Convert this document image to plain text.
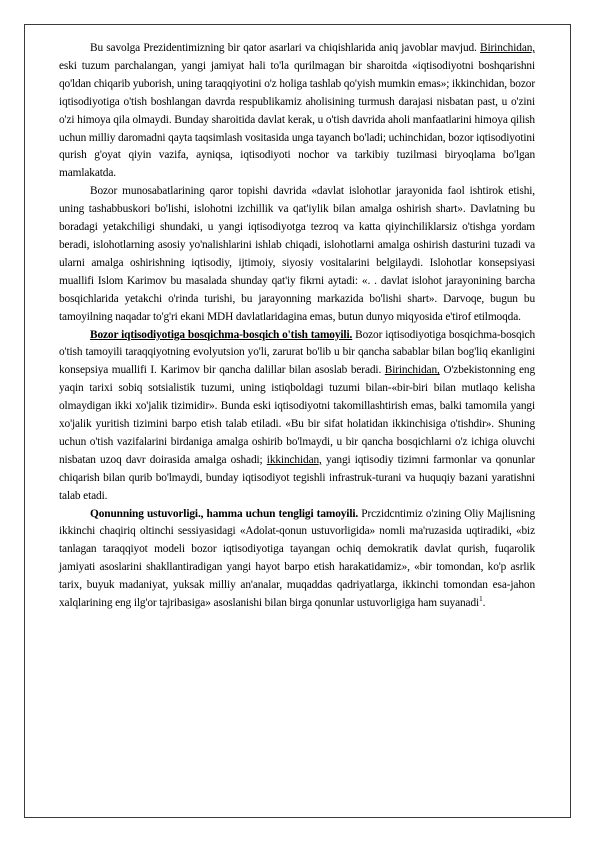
Bu savolga Prezidentimizning bir qator asarlari va chiqishlarida aniq javoblar mavjud. Birinchidan, eski tuzum parchalangan, yangi jamiyat hali to'la qurilmagan bir sharoitda «iqtisodiyotni boshqarishni qo'ldan chiqarib yuborish, uning taraqqiyotini o'z holiga tashlab qo'yish mumkin emas»; ikkinchidan, bozor iqtisodiyotiga o'tish boshlangan davrda respublikamiz aholisining turmush darajasi nisbatan past, u o'zini o'zi himoya qila olmaydi. Bunday sharoitida davlat kerak, u o'tish davrida aholi manfaatlarini himoya qilish uchun milliy daromadni qayta taqsimlash vositasida unga tayanch bo'ladi; uchinchidan, bozor iqtisodiyotini qurish g'oyat qiyin vazifa, ayniqsa, iqtisodiyoti nochor va tarkibiy tuzilmasi biryoqlama bo'lgan mamlakatda.

Bozor munosabatlarining qaror topishi davrida «davlat islohotlar jarayonida faol ishtirok etishi, uning tashabbuskori bo'lishi, islohotni izchillik va qat'iylik bilan amalga oshirish shart». Davlatning bu boradagi yetakchiligi shundaki, u yangi iqtisodiyotga tezroq va katta qiyinchiliklarsiz o'tishga yordam beradi, islohotlarning asosiy yo'nalishlarini ishlab chiqadi, islohotlarni amalga oshirish dasturini tuzadi va ularni amalga oshirishning iqtisodiy, ijtimoiy, siyosiy vositalarini belgilaydi. Islohotlar konsepsiyasi muallifi Islom Karimov bu masalada shunday qat'iy fikrni aytadi: «. . davlat islohot jarayonining barcha bosqichlarida yetakchi o'rinda turishi, bu jarayonning markazida bo'lishi shart». Darvoqe, bugun bu tamoyilning naqadar to'g'ri ekani MDH davlatlaridagina emas, butun dunyo miqyosida e'tirof etilmoqda.

Bozor iqtisodiyotiga bosqichma-bosqich o'tish tamoyili. Bozor iqtisodiyotiga bosqichma-bosqich o'tish tamoyili taraqqiyotning evolyutsion yo'li, zarurat bo'lib u bir qancha sabablar bilan bog'liq ekanligini konsepsiya muallifi I. Karimov bir qancha dalillar bilan asoslab beradi. Birinchidan, O'zbekistonning eng yaqin tarixi sobiq sotsialistik tuzumi, uning istiqboldagi tuzumi bilan-«bir-biri bilan mutlaqo kelisha olmaydigan ikki xo'jalik tizimidir». Bunda eski iqtisodiyotni takomillashtirish emas, balki tamomila yangi xo'jalik yuritish tizimini barpo etish talab etiladi. «Bu bir sifat holatidan ikkinchisiga o'tishdir». Shuning uchun o'tish vazifalarini birdaniga amalga oshirib bo'lmaydi, u bir qancha bosqichlarni o'z ichiga oluvchi nisbatan uzoq davr doirasida amalga oshadi; ikkinchidan, yangi iqtisodiy tizimni farmonlar va qonunlar chiqarish bilan qurib bo'lmaydi, bunday iqtisodiyot tegishli infrastruk-turani va huquqiy bazani yaratishni talab etadi.

Qonunning ustuvorligi., hamma uchun tengligi tamoyili. Prczidcntimiz o'zining Oliy Majlisning ikkinchi chaqiriq oltinchi sessiyasidagi «Adolat-qonun ustuvorligida» nomli ma'ruzasida uqtiradiki, «biz tanlagan taraqqiyot modeli bozor iqtisodiyotiga tayangan ochiq demokratik davlat qurish, fuqarolik jamiyati asoslarini shakllantiradigan yangi hayot barpo etish harakatidamiz», «bir tomondan, ko'p asrlik tarix, buyuk madaniyat, yuksak milliy an'analar, muqaddas qadriyatlarga, ikkinchi tomondan esa-jahon xalqlarining eng ilg'or tajribasiga» asoslanishi bilan birga qonunlar ustuvorligiga ham suyanadi$^1$.
